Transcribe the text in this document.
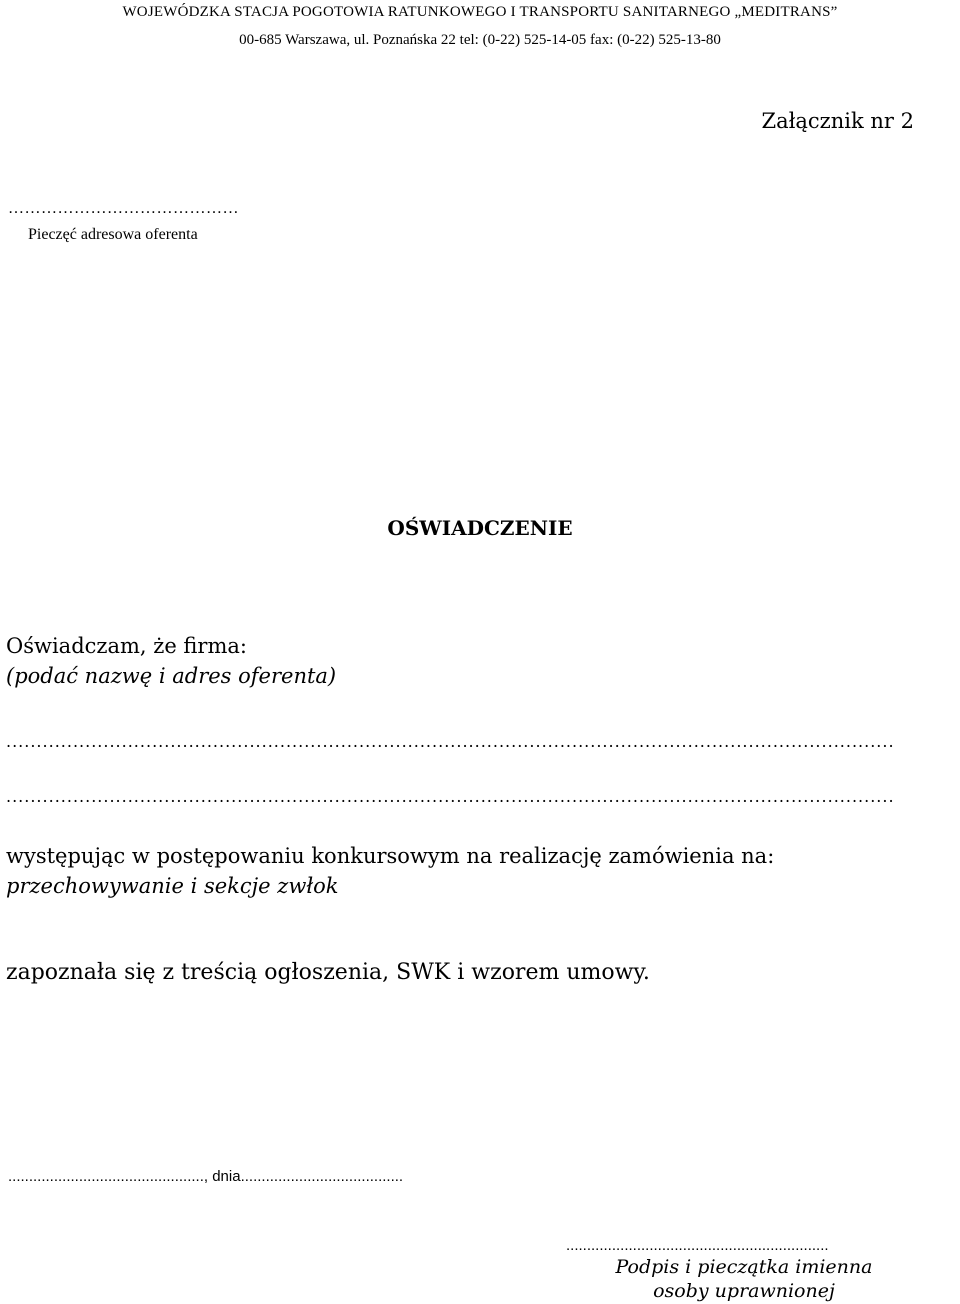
WOJEWÓDZKA STACJA POGOTOWIA RATUNKOWEGO I TRANSPORTU SANITARNEGO „MEDITRANS”
00-685 Warszawa, ul. Poznańska 22 tel: (0-22) 525-14-05 fax: (0-22) 525-13-80
Załącznik nr 2
……………………………………
Pieczęć adresowa oferenta
OŚWIADCZENIE
Oświadczam, że firma:
(podać nazwę i adres oferenta)
..................................................................................................................................................
..................................................................................................................................................
występując w postępowaniu konkursowym na realizację zamówienia na:
przechowywanie i sekcje zwłok
zapoznała się z treścią ogłoszenia, SWK i wzorem umowy.
..............................................., dnia.......................................
...............................................................
Podpis i pieczątka imienna
osoby uprawnionej
